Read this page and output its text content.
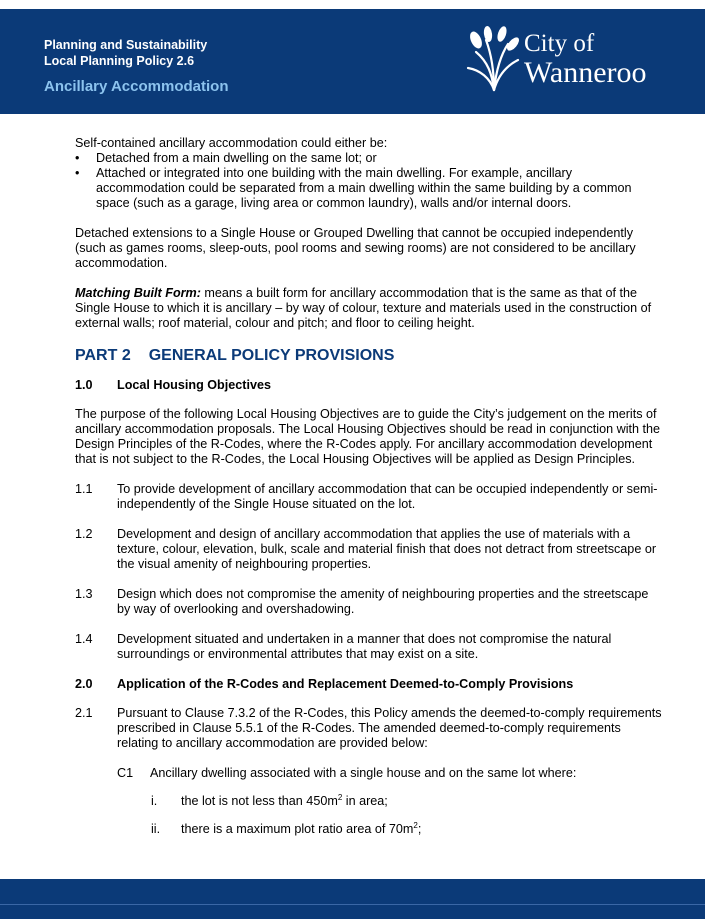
Planning and Sustainability
Local Planning Policy 2.6
Ancillary Accommodation
City of
Wanneroo

Self-contained ancillary accommodation could either be:

• Detached from a main dwelling on the same lot; or
• Attached or integrated into one building with the main dwelling. For example, ancillary accommodation could be separated from a main dwelling within the same building by a common space (such as a garage, living area or common laundry), walls and/or internal doors.

Detached extensions to a Single House or Grouped Dwelling that cannot be occupied independently (such as games rooms, sleep-outs, pool rooms and sewing rooms) are not considered to be ancillary accommodation.

Matching Built Form: means a built form for ancillary accommodation that is the same as that of the Single House to which it is ancillary – by way of colour, texture and materials used in the construction of external walls; roof material, colour and pitch; and floor to ceiling height.

PART 2 GENERAL POLICY PROVISIONS
1.0 Local Housing Objectives

The purpose of the following Local Housing Objectives are to guide the City’s judgement on the merits of ancillary accommodation proposals. The Local Housing Objectives should be read in conjunction with the Design Principles of the R-Codes, where the R-Codes apply. For ancillary accommodation development that is not subject to the R-Codes, the Local Housing Objectives will be applied as Design Principles.

1.1 To provide development of ancillary accommodation that can be occupied independently or semi-independently of the Single House situated on the lot.
1.2 Development and design of ancillary accommodation that applies the use of materials with a texture, colour, elevation, bulk, scale and material finish that does not detract from streetscape or the visual amenity of neighbouring properties.
1.3 Design which does not compromise the amenity of neighbouring properties and the streetscape by way of overlooking and overshadowing.
1.4 Development situated and undertaken in a manner that does not compromise the natural surroundings or environmental attributes that may exist on a site.
2.0 Application of the R-Codes and Replacement Deemed-to-Comply Provisions
2.1 Pursuant to Clause 7.3.2 of the R-Codes, this Policy amends the deemed-to-comply requirements prescribed in Clause 5.5.1 of the R-Codes. The amended deemed-to-comply requirements relating to ancillary accommodation are provided below:
C1 Ancillary dwelling associated with a single house and on the same lot where:
i. the lot is not less than $450m^2$ in area;
ii. there is a maximum plot ratio area of $70m^2$;
